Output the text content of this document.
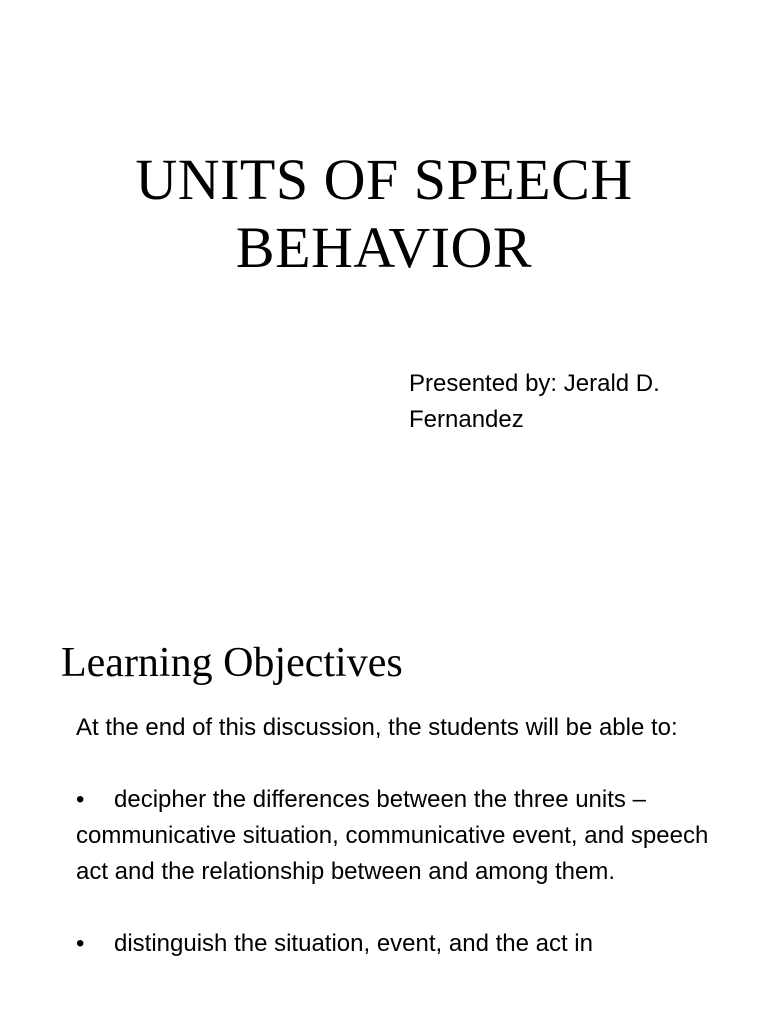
UNITS OF SPEECH
BEHAVIOR
Presented by: Jerald D.
Fernandez
Learning Objectives
At the end of this discussion, the students will be able to:
• decipher the differences between the three units – communicative situation, communicative event, and speech act and the relationship between and among them.
• distinguish the situation, event, and the act in
